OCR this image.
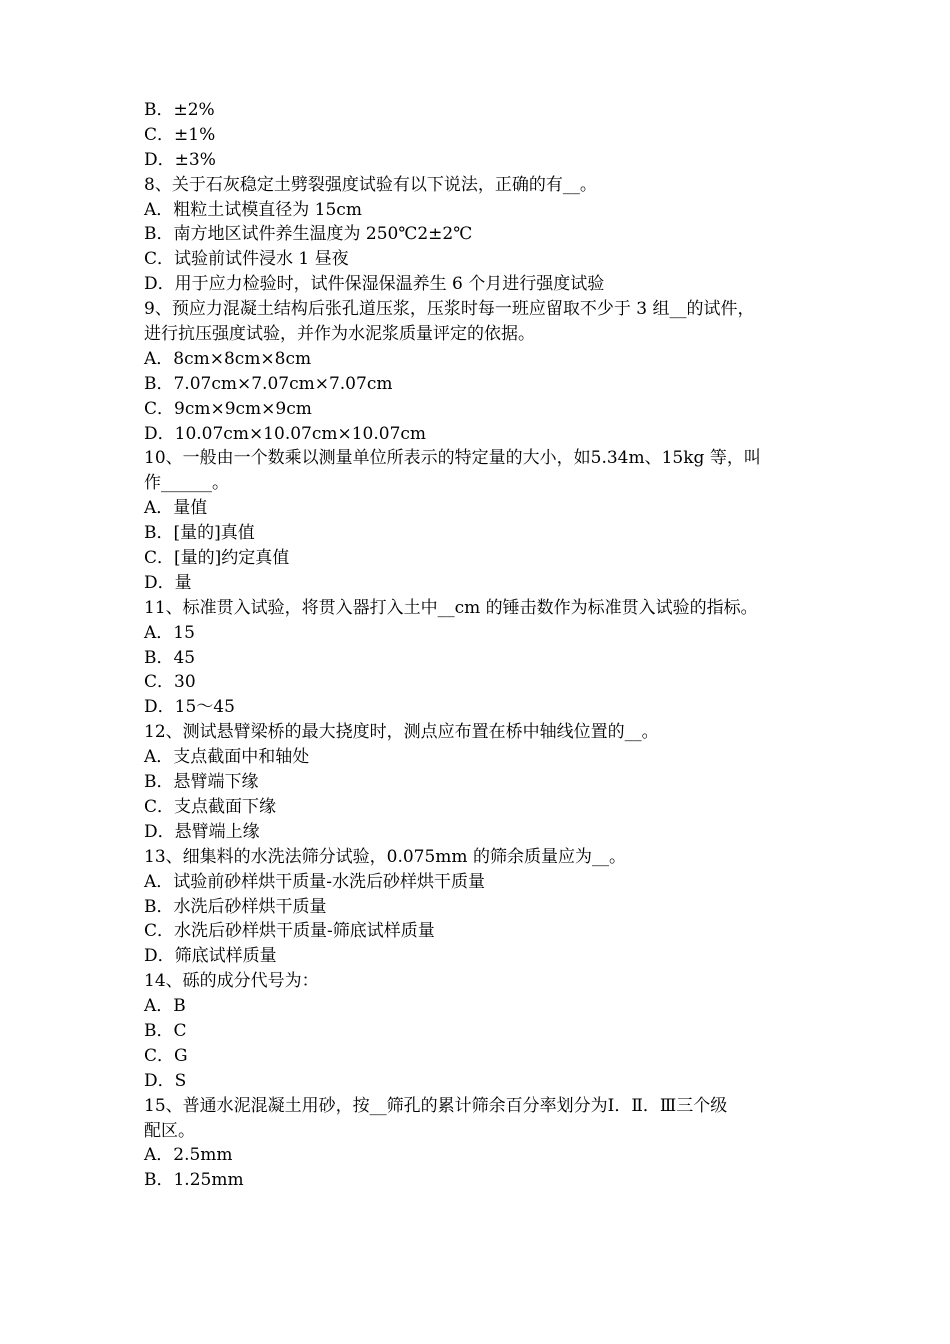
B．±2%
C．±1%
D．±3%
8、关于石灰稳定土劈裂强度试验有以下说法，正确的有__。
A．粗粒土试模直径为 15cm
B．南方地区试件养生温度为 250℃2±2℃
C．试验前试件浸水 1 昼夜
D．用于应力检验时，试件保湿保温养生 6 个月进行强度试验
9、预应力混凝土结构后张孔道压浆，压浆时每一班应留取不少于 3 组__的试件，
进行抗压强度试验，并作为水泥浆质量评定的依据。
A．8cm×8cm×8cm
B．7.07cm×7.07cm×7.07cm
C．9cm×9cm×9cm
D．10.07cm×10.07cm×10.07cm
10、一般由一个数乘以测量单位所表示的特定量的大小，如5.34m、15kg 等，叫
作______。
A．量值
B．[量的]真值
C．[量的]约定真值
D．量
11、标准贯入试验，将贯入器打入土中__cm 的锤击数作为标准贯入试验的指标。
A．15
B．45
C．30
D．15～45
12、测试悬臂梁桥的最大挠度时，测点应布置在桥中轴线位置的__。
A．支点截面中和轴处
B．悬臂端下缘
C．支点截面下缘
D．悬臂端上缘
13、细集料的水洗法筛分试验，0.075mm 的筛余质量应为__。
A．试验前砂样烘干质量-水洗后砂样烘干质量
B．水洗后砂样烘干质量
C．水洗后砂样烘干质量-筛底试样质量
D．筛底试样质量
14、砾的成分代号为：
A．B
B．C
C．G
D．S
15、普通水泥混凝土用砂，按__筛孔的累计筛余百分率划分为Ⅰ．Ⅱ．Ⅲ三个级
配区。
A．2.5mm
B．1.25mm
